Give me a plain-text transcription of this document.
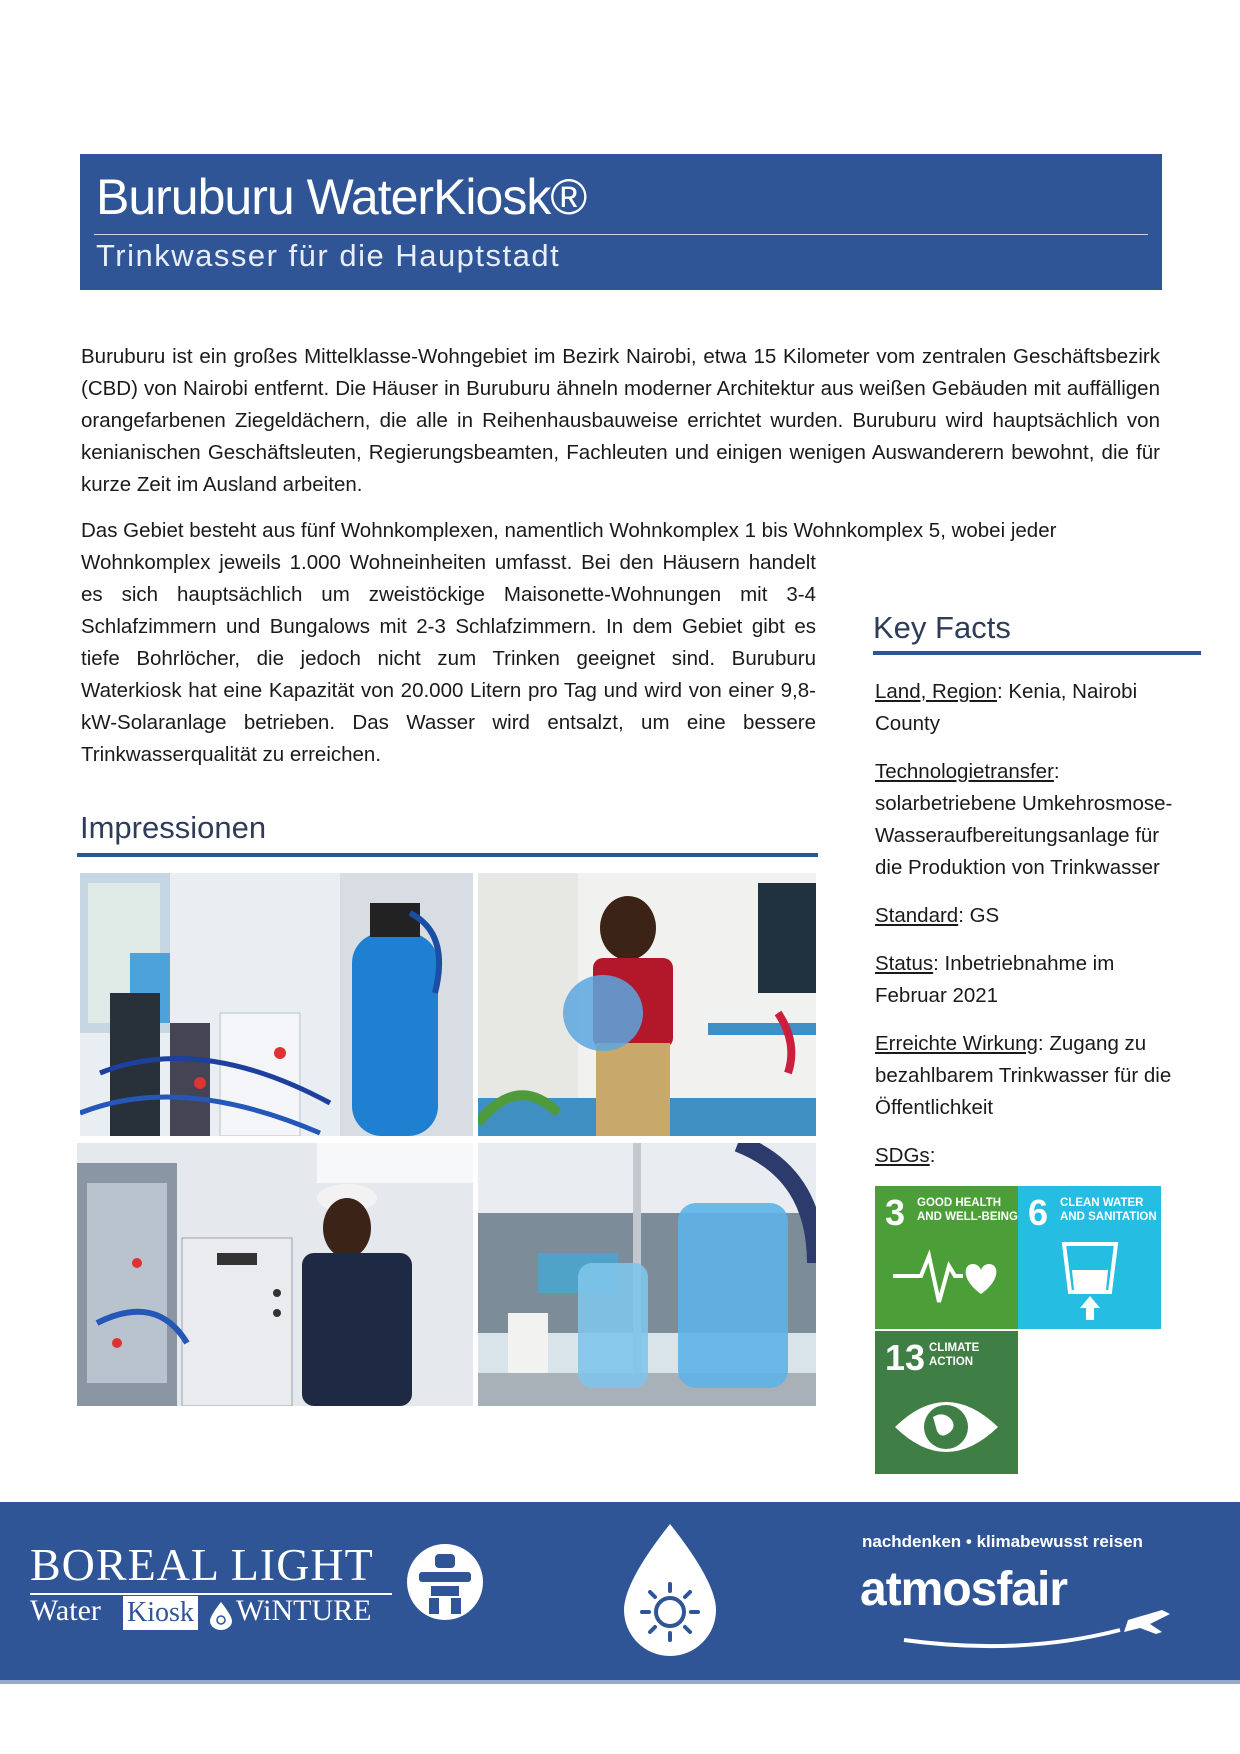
Buruburu WaterKiosk®
Trinkwasser für die Hauptstadt

Buruburu ist ein großes Mittelklasse-Wohngebiet im Bezirk Nairobi, etwa 15 Kilometer vom zentralen Geschäftsbezirk (CBD) von Nairobi entfernt. Die Häuser in Buruburu ähneln moderner Architektur aus weißen Gebäuden mit auffälligen orangefarbenen Ziegeldächern, die alle in Reihenhausbauweise errichtet wurden. Buruburu wird hauptsächlich von kenianischen Geschäftsleuten, Regierungsbeamten, Fachleuten und einigen wenigen Auswanderern bewohnt, die für kurze Zeit im Ausland arbeiten.

Das Gebiet besteht aus fünf Wohnkomplexen, namentlich Wohnkomplex 1 bis Wohnkomplex 5, wobei jeder

Wohnkomplex jeweils 1.000 Wohneinheiten umfasst. Bei den Häusern handelt es sich hauptsächlich um zweistöckige Maisonette-Wohnungen mit 3-4 Schlafzimmern und Bungalows mit 2-3 Schlafzimmern. In dem Gebiet gibt es tiefe Bohrlöcher, die jedoch nicht zum Trinken geeignet sind. Buruburu Waterkiosk hat eine Kapazität von 20.000 Litern pro Tag und wird von einer 9,8-kW-Solaranlage betrieben. Das Wasser wird entsalzt, um eine bessere Trinkwasserqualität zu erreichen.

Impressionen
Key Facts

Land, Region: Kenia, Nairobi County

Technologietransfer: solarbetriebene Umkehrosmose-Wasseraufbereitungsanlage für die Produktion von Trinkwasser

Standard: GS

Status: Inbetriebnahme im Februar 2021

Erreichte Wirkung: Zugang zu bezahlbarem Trinkwasser für die Öffentlichkeit

SDGs:

3 GOOD HEALTH
AND WELL-BEING 6 CLEAN WATER
AND SANITATION
13 CLIMATE
ACTION
BOREAL LIGHT
Water Kiosk WiNTURE
nachdenken • klimabewusst reisen
atmosfair
